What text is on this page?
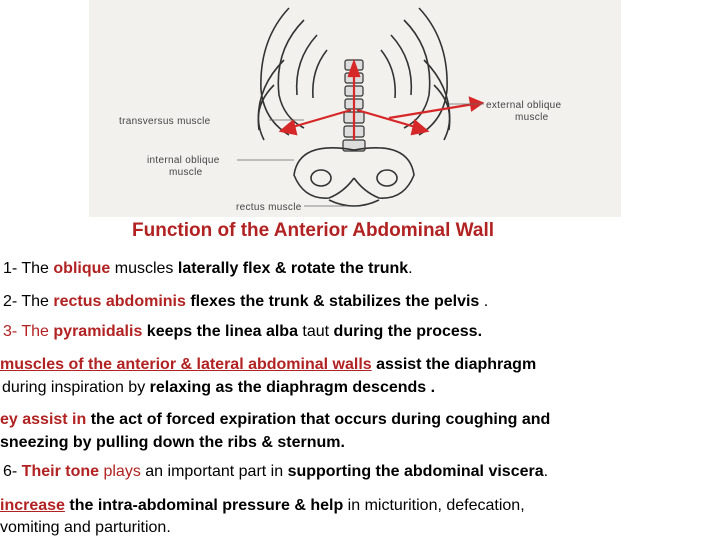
transversus muscle
external oblique
muscle
internal oblique
muscle
rectus muscle
Function of the Anterior Abdominal Wall
1- The oblique muscles laterally flex & rotate the trunk.
2- The rectus abdominis flexes the trunk & stabilizes the pelvis .
3- The pyramidalis keeps the linea alba taut during the process.
muscles of the anterior & lateral abdominal walls assist the diaphragm
during inspiration by relaxing as the diaphragm descends .
ey assist in the act of forced expiration that occurs during coughing and
sneezing by pulling down the ribs & sternum.
6- Their tone plays an important part in supporting the abdominal viscera.
increase the intra-abdominal pressure & help in micturition, defecation,
vomiting and parturition.
